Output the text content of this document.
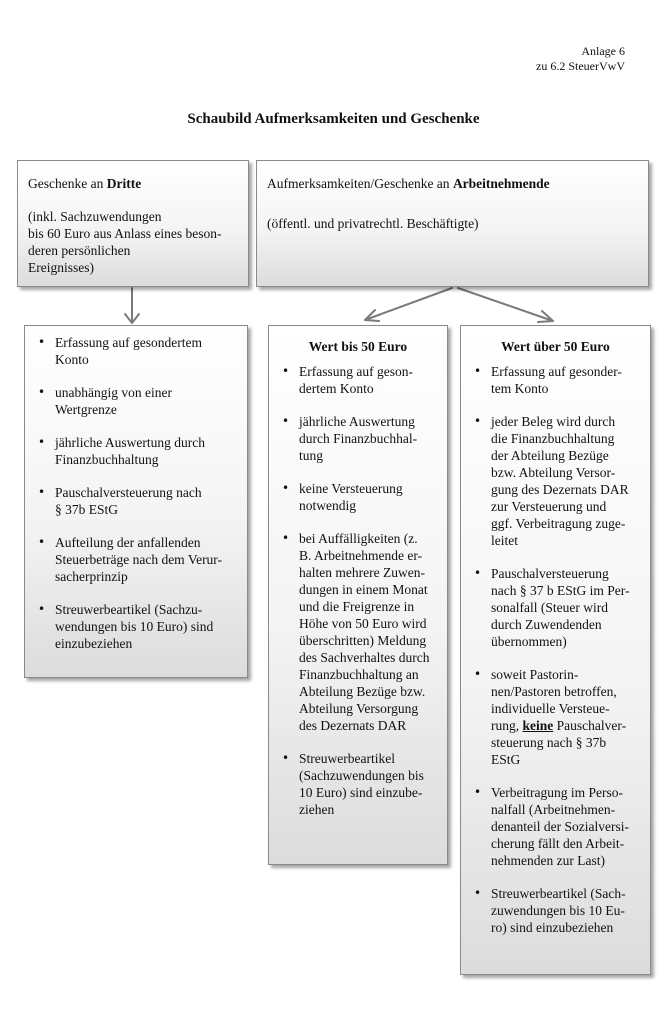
Anlage 6
zu 6.2 SteuerVwV
Schaubild Aufmerksamkeiten und Geschenke

Geschenke an Dritte

(inkl. Sachzuwendungen
bis 60 Euro aus Anlass eines beson-
deren persönlichen
Ereignisses)

Aufmerksamkeiten/Geschenke an Arbeitnehmende

(öffentl. und privatrechtl. Beschäftigte)

• Erfassung auf gesondertem
Konto
• unabhängig von einer
Wertgrenze
• jährliche Auswertung durch
Finanzbuchhaltung
• Pauschalversteuerung nach
§ 37b EStG
• Aufteilung der anfallenden
Steuerbeträge nach dem Verur-
sacherprinzip
• Streuwerbeartikel (Sachzu-
wendungen bis 10 Euro) sind
einzubeziehen
Wert bis 50 Euro
• Erfassung auf geson-
dertem Konto
• jährliche Auswertung
durch Finanzbuchhal-
tung
• keine Versteuerung
notwendig
• bei Auffälligkeiten (z.
B. Arbeitnehmende er-
halten mehrere Zuwen-
dungen in einem Monat
und die Freigrenze in
Höhe von 50 Euro wird
überschritten) Meldung
des Sachverhaltes durch
Finanzbuchhaltung an
Abteilung Bezüge bzw.
Abteilung Versorgung
des Dezernats DAR
• Streuwerbeartikel
(Sachzuwendungen bis
10 Euro) sind einzube-
ziehen
Wert über 50 Euro
• Erfassung auf gesonder-
tem Konto
• jeder Beleg wird durch
die Finanzbuchhaltung
der Abteilung Bezüge
bzw. Abteilung Versor-
gung des Dezernats DAR
zur Versteuerung und
ggf. Verbeitragung zuge-
leitet
• Pauschalversteuerung
nach § 37 b EStG im Per-
sonalfall (Steuer wird
durch Zuwendenden
übernommen)
• soweit Pastorin-
nen/Pastoren betroffen,
individuelle Versteue-
rung, keine Pauschalver-
steuerung nach § 37b
EStG
• Verbeitragung im Perso-
nalfall (Arbeitnehmen-
denanteil der Sozialversi-
cherung fällt den Arbeit-
nehmenden zur Last)
• Streuwerbeartikel (Sach-
zuwendungen bis 10 Eu-
ro) sind einzubeziehen
